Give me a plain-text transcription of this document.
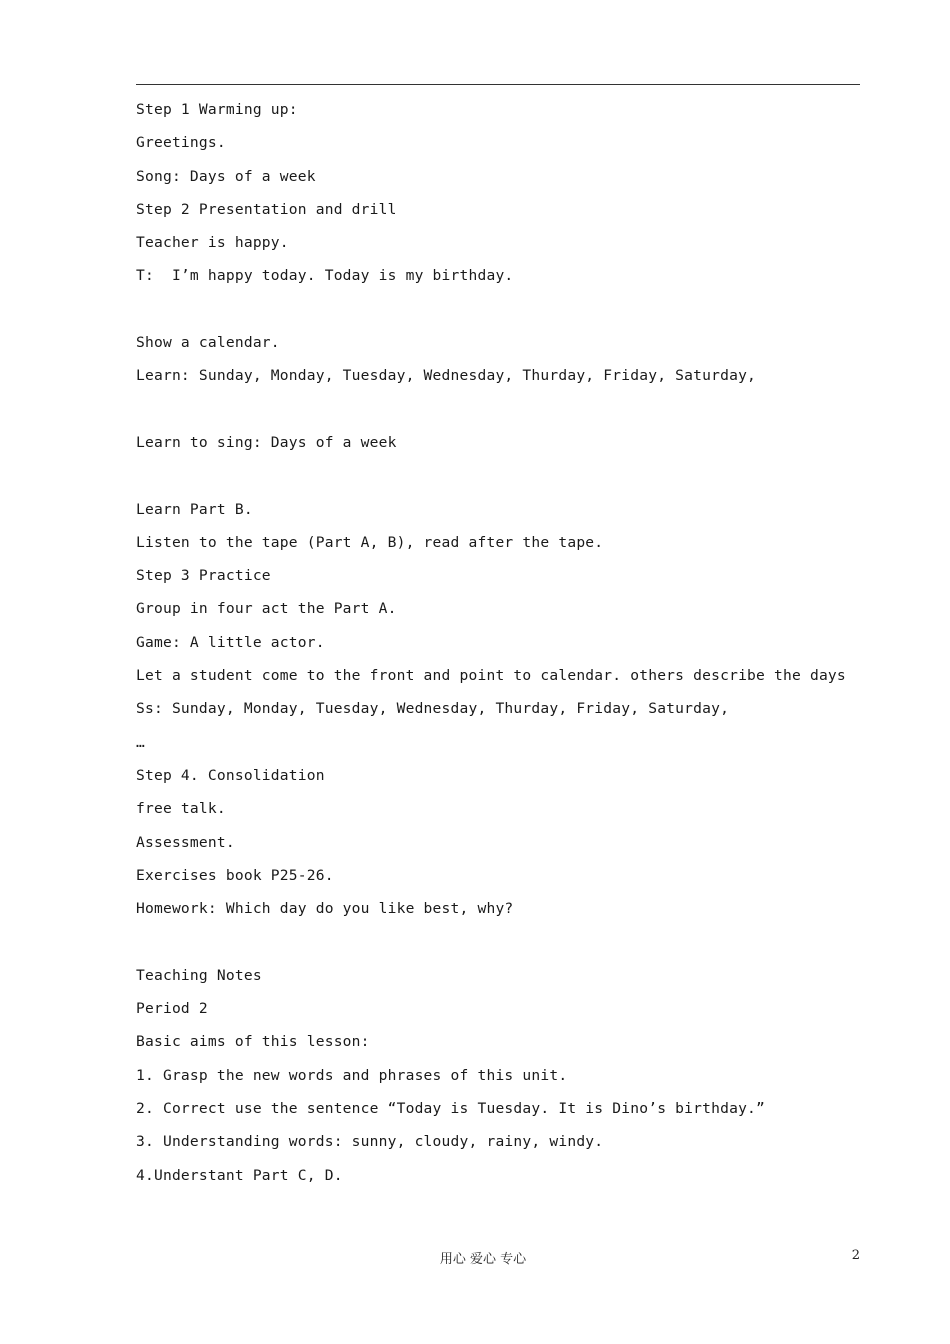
Step 1 Warming up:
Greetings.
Song: Days of a week
Step 2 Presentation and drill
Teacher is happy.
T:  I’m happy today. Today is my birthday.
Show a calendar.
Learn: Sunday, Monday, Tuesday, Wednesday, Thurday, Friday, Saturday,
Learn to sing: Days of a week
Learn Part B.
Listen to the tape (Part A, B), read after the tape.
Step 3 Practice
Group in four act the Part A.
Game: A little actor.
Let a student come to the front and point to calendar. others describe the days
Ss: Sunday, Monday, Tuesday, Wednesday, Thurday, Friday, Saturday,
…
Step 4. Consolidation
free talk.
Assessment.
Exercises book P25-26.
Homework: Which day do you like best, why?
Teaching Notes
Period 2
Basic aims of this lesson:
1. Grasp the new words and phrases of this unit.
2. Correct use the sentence “Today is Tuesday. It is Dino’s birthday.”
3. Understanding words: sunny, cloudy, rainy, windy.
4.Understant Part C, D.
用心 爱心 专心	2
